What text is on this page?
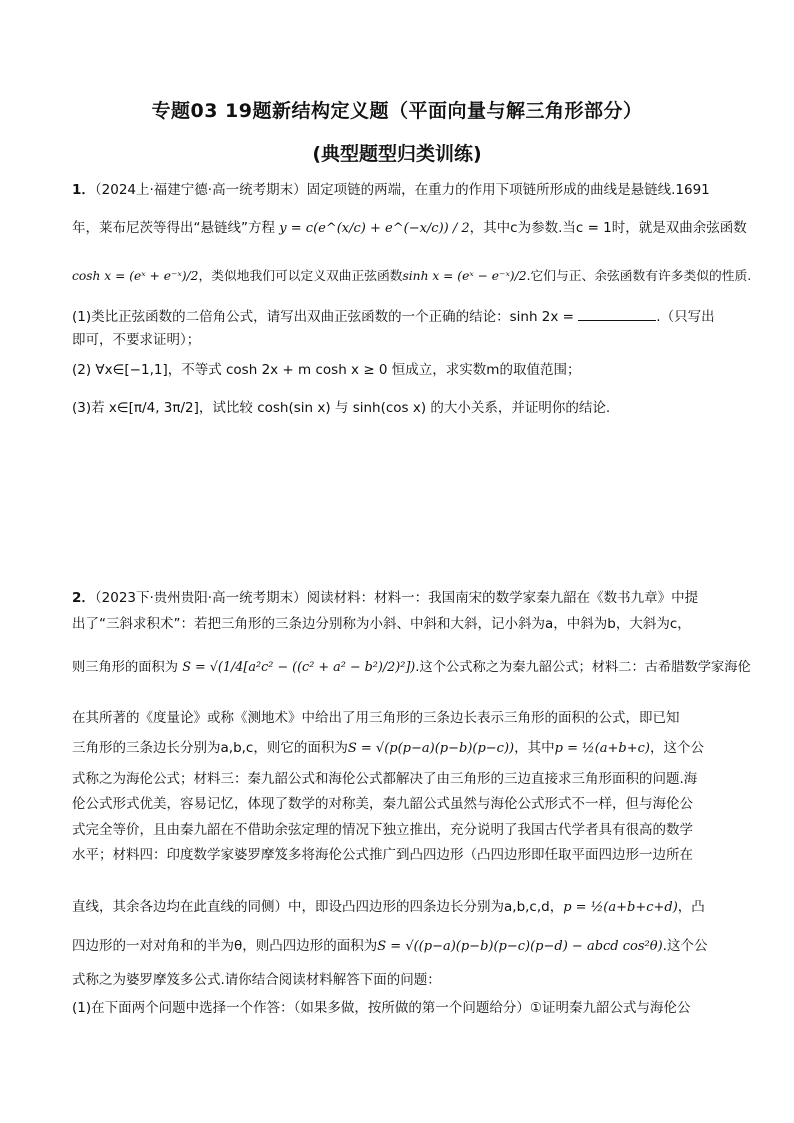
专题03 19题新结构定义题（平面向量与解三角形部分）
(典型题型归类训练)
1．（2024上·福建宁德·高一统考期末）固定项链的两端，在重力的作用下项链所形成的曲线是悬链线.1691
年，莱布尼茨等得出“悬链线”方程 y = c(e^(x/c) + e^(−x/c)) / 2，其中c为参数.当c = 1时，就是双曲余弦函数
cosh x = (eˣ + e⁻ˣ)/2，类似地我们可以定义双曲正弦函数sinh x = (eˣ − e⁻ˣ)/2.它们与正、余弦函数有许多类似的性质.
(1)类比正弦函数的二倍角公式，请写出双曲正弦函数的一个正确的结论：sinh 2x =	.（只写出
即可，不要求证明）；
(2) ∀x∈[−1,1]，不等式 cosh 2x + m cosh x ≥ 0 恒成立，求实数m的取值范围；
(3)若 x∈[π/4, 3π/2]，试比较 cosh(sin x) 与 sinh(cos x) 的大小关系，并证明你的结论.
2．（2023下·贵州贵阳·高一统考期末）阅读材料：材料一：我国南宋的数学家秦九韶在《数书九章》中提
出了“三斜求积术”：若把三角形的三条边分别称为小斜、中斜和大斜，记小斜为a，中斜为b，大斜为c，
则三角形的面积为 S = √(1/4[a²c² − ((c² + a² − b²)/2)²]).这个公式称之为秦九韶公式；材料二：古希腊数学家海伦
在其所著的《度量论》或称《测地术》中给出了用三角形的三条边长表示三角形的面积的公式，即已知
三角形的三条边长分别为a,b,c，则它的面积为S = √(p(p−a)(p−b)(p−c))，其中p = ½(a+b+c)，这个公
式称之为海伦公式；材料三：秦九韶公式和海伦公式都解决了由三角形的三边直接求三角形面积的问题.海
伦公式形式优美，容易记忆，体现了数学的对称美，秦九韶公式虽然与海伦公式形式不一样，但与海伦公
式完全等价，且由秦九韶在不借助余弦定理的情况下独立推出，充分说明了我国古代学者具有很高的数学
水平；材料四：印度数学家婆罗摩笈多将海伦公式推广到凸四边形（凸四边形即任取平面四边形一边所在
直线，其余各边均在此直线的同侧）中，即设凸四边形的四条边长分别为a,b,c,d，p = ½(a+b+c+d)，凸
四边形的一对对角和的半为θ，则凸四边形的面积为S = √((p−a)(p−b)(p−c)(p−d) − abcd cos²θ).这个公
式称之为婆罗摩笈多公式.请你结合阅读材料解答下面的问题：
(1)在下面两个问题中选择一个作答：（如果多做，按所做的第一个问题给分）①证明秦九韶公式与海伦公
